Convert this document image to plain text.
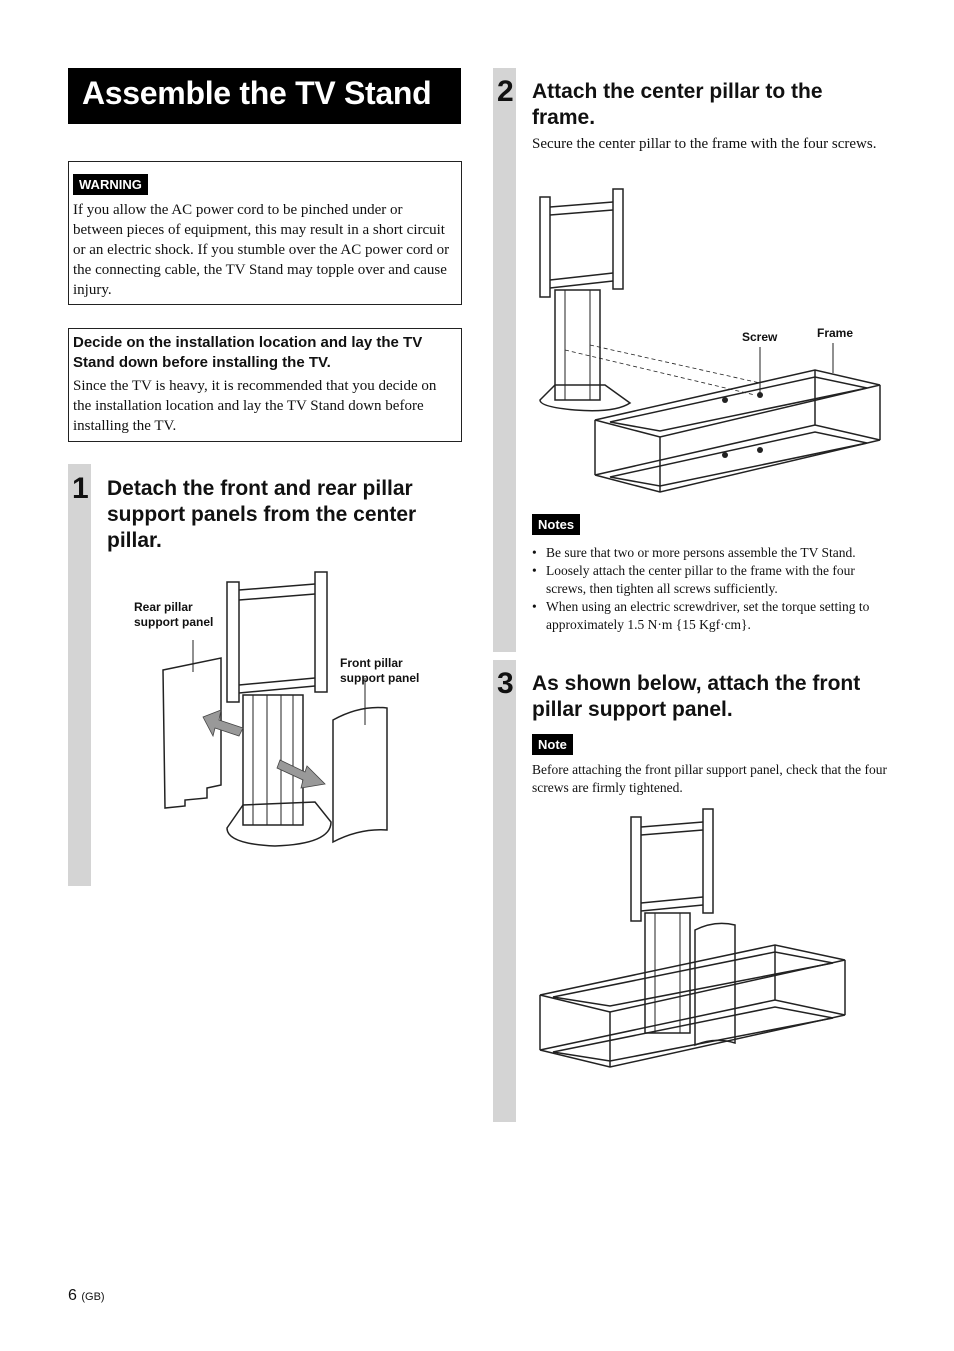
Assemble the TV Stand
WARNING
If you allow the AC power cord to be pinched under or between pieces of equipment, this may result in a short circuit or an electric shock. If you stumble over the AC power cord or the connecting cable, the TV Stand may topple over and cause injury.
Decide on the installation location and lay the TV Stand down before installing the TV.
Since the TV is heavy, it is recommended that you decide on the installation location and lay the TV Stand down before installing the TV.
1 Detach the front and rear pillar support panels from the center pillar.
Rear pillar support panel
Front pillar support panel
2 Attach the center pillar to the frame.
Secure the center pillar to the frame with the four screws.
Screw	Frame
Notes
• Be sure that two or more persons assemble the TV Stand.
• Loosely attach the center pillar to the frame with the four screws, then tighten all screws sufficiently.
• When using an electric screwdriver, set the torque setting to approximately 1.5 N·m {15 Kgf·cm}.
3 As shown below, attach the front pillar support panel.
Note
Before attaching the front pillar support panel, check that the four screws are firmly tightened.
6 (GB)
